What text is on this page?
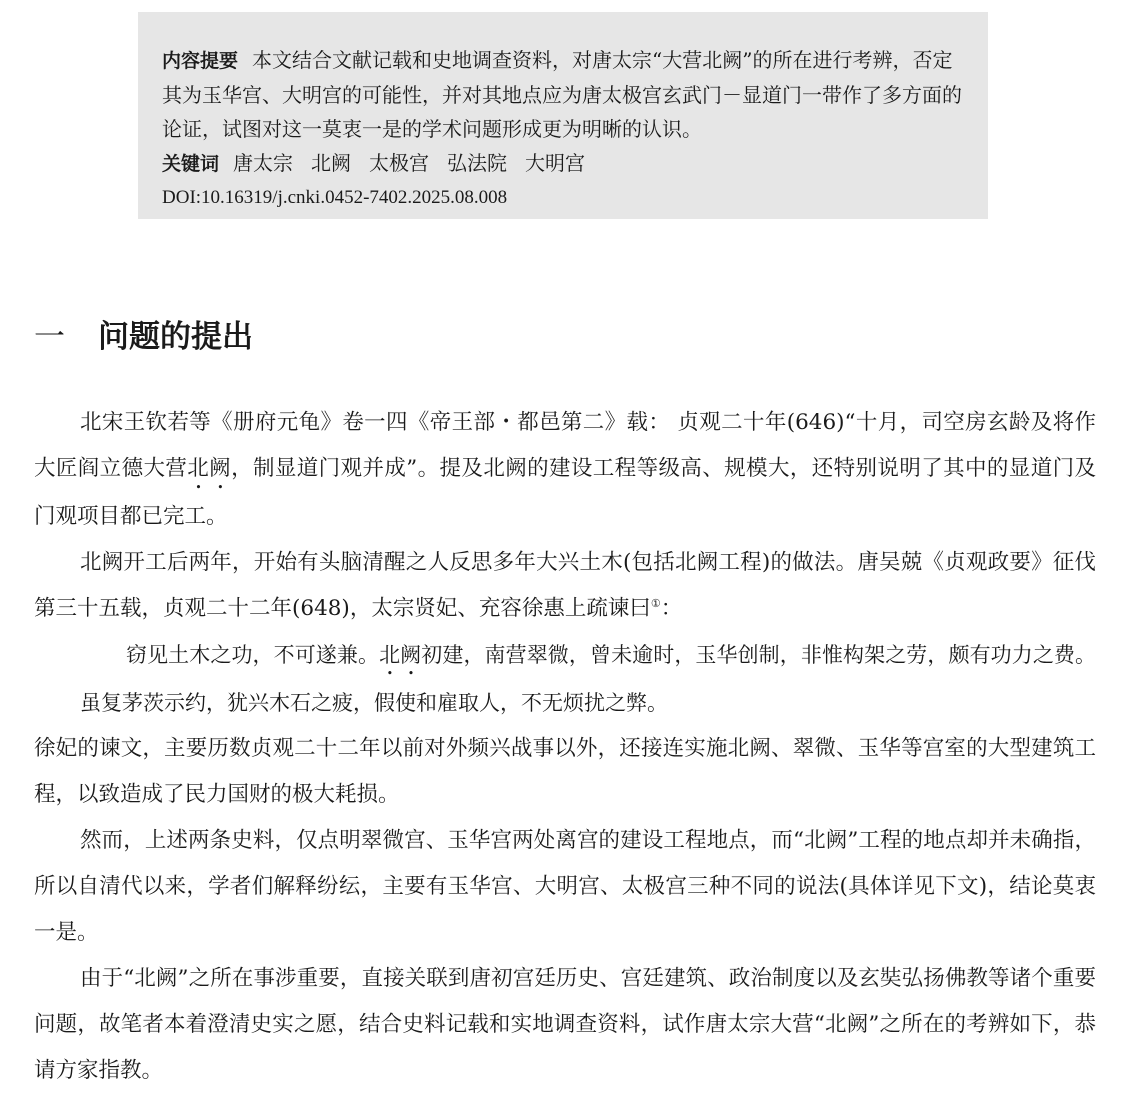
内容提要 本文结合文献记载和史地调查资料，对唐太宗“大营北阙”的所在进行考辨，否定其为玉华宫、大明宫的可能性，并对其地点应为唐太极宫玄武门－显道门一带作了多方面的论证，试图对这一莫衷一是的学术问题形成更为明晰的认识。

关键词 唐太宗 北阙 太极宫 弘法院 大明宫

DOI:10.16319/j.cnki.0452-7402.2025.08.008

一 问题的提出

北宋王钦若等《册府元龟》卷一四《帝王部・都邑第二》载： 贞观二十年(646)“十月，司空房玄龄及将作大匠阎立德大营北阙，制显道门观并成”。提及北阙的建设工程等级高、规模大，还特别说明了其中的显道门及门观项目都已完工。

北阙开工后两年，开始有头脑清醒之人反思多年大兴土木(包括北阙工程)的做法。唐吴兢《贞观政要》征伐第三十五载，贞观二十二年(648)，太宗贤妃、充容徐惠上疏谏曰①：

窃见土木之功，不可遂兼。北阙初建，南营翠微，曾未逾时，玉华创制，非惟构架之劳，颇有功力之费。虽复茅茨示约，犹兴木石之疲，假使和雇取人，不无烦扰之弊。

徐妃的谏文，主要历数贞观二十二年以前对外频兴战事以外，还接连实施北阙、翠微、玉华等宫室的大型建筑工程，以致造成了民力国财的极大耗损。

然而，上述两条史料，仅点明翠微宫、玉华宫两处离宫的建设工程地点，而“北阙”工程的地点却并未确指，所以自清代以来，学者们解释纷纭，主要有玉华宫、大明宫、太极宫三种不同的说法(具体详见下文)，结论莫衷一是。

由于“北阙”之所在事涉重要，直接关联到唐初宫廷历史、宫廷建筑、政治制度以及玄奘弘扬佛教等诸个重要问题，故笔者本着澄清史实之愿，结合史料记载和实地调查资料，试作唐太宗大营“北阙”之所在的考辨如下，恭请方家指教。
